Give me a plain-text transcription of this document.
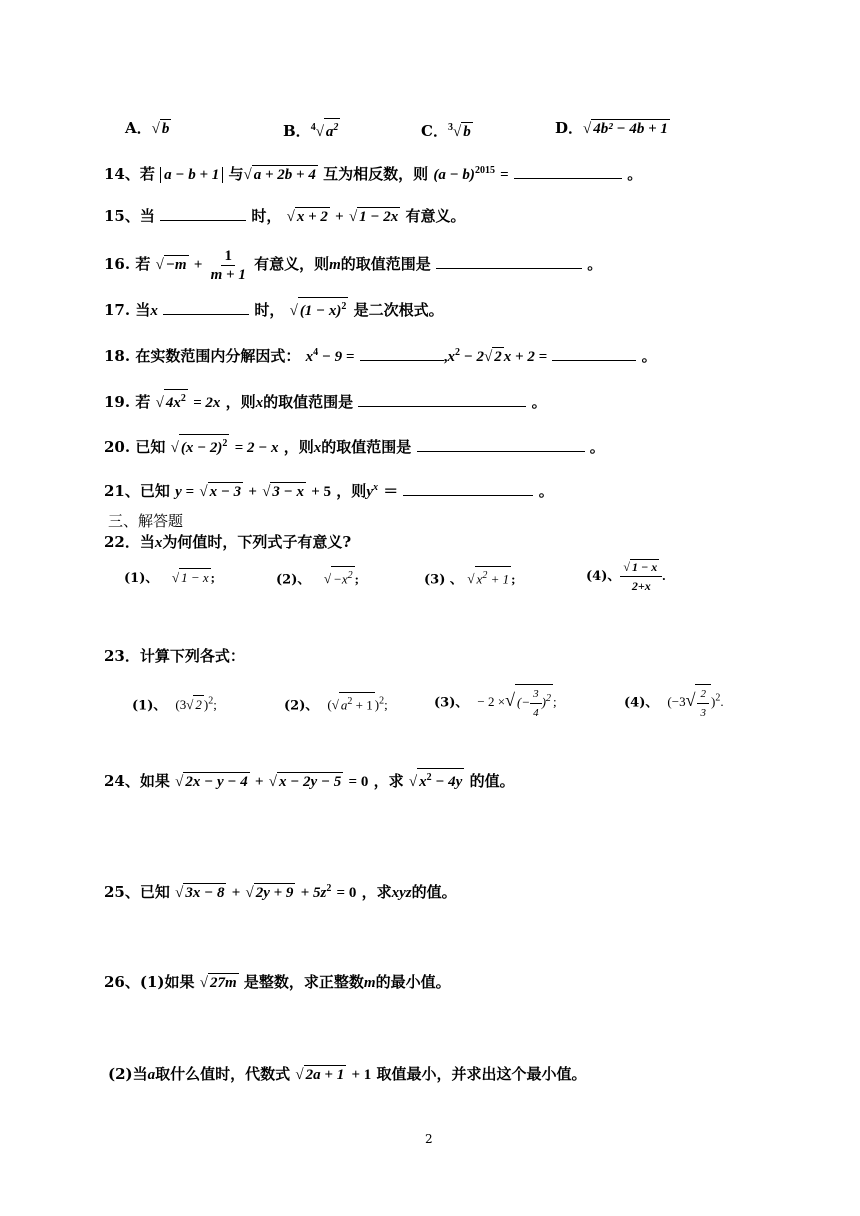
A．√ b	B．$^4$√ $a^2$	C．$^3$√ b	D．√ 4b² − 4b + 1
14、若 a − b + 1 与√ a + 2b + 4 互为相反数，则 $(a - b)^{2015}$ =	。
15、当	时， √ x + 2 + √ 1 − 2x 有意义。
16. 若 √ $-m + \frac{1}{m + 1}$ 有意义，则m的取值范围是	。
17. 当x	时， √ $(1 - x)^2$ 是二次根式。
18. 在实数范围内分解因式： $x^4 - 9$ =	$,x^2 - 2√$ 2 x + 2 =	。
19. 若 √ $4x^2 = 2x$ ，则x的取值范围是	。
20. 已知 √ $(x - 2)^2 = 2 - x$ ，则x的取值范围是	。
21、已知 y = √ x − 3 + √ 3 − x + 5 ，则$y^x$ ＝	。
三、解答题
22．当x为何值时，下列式子有意义?
(1)、 √ 1 − x ;	(2)、 √ $-x^2$ ;	(3) 、 √ $x^2 + 1$ ;	(4)、 $\frac{√ 1 - x}{2+x}$ .
23．计算下列各式：
(1)、 (3√ 2 )$^2$;	(2)、 (√ $a^2 + 1$ )$^2$;	(3)、 − 2 ×√ (− $\frac{3}{4} )^2$ ;	(4)、 $(-3√ \frac{2}{3} )^2$.
24、如果 √ 2x − y − 4 + √ x − 2y − 5 = 0 ，求 √ $x^2 - 4y$ 的值。
25、已知 √ 3x − 8 + √ $2y + 9 + 5z^2 = 0$ ，求xyz的值。
26、(1)如果 √ 27m 是整数，求正整数m的最小值。
(2)当a取什么值时，代数式 √ 2a + 1 + 1 取值最小，并求出这个最小值。
2
